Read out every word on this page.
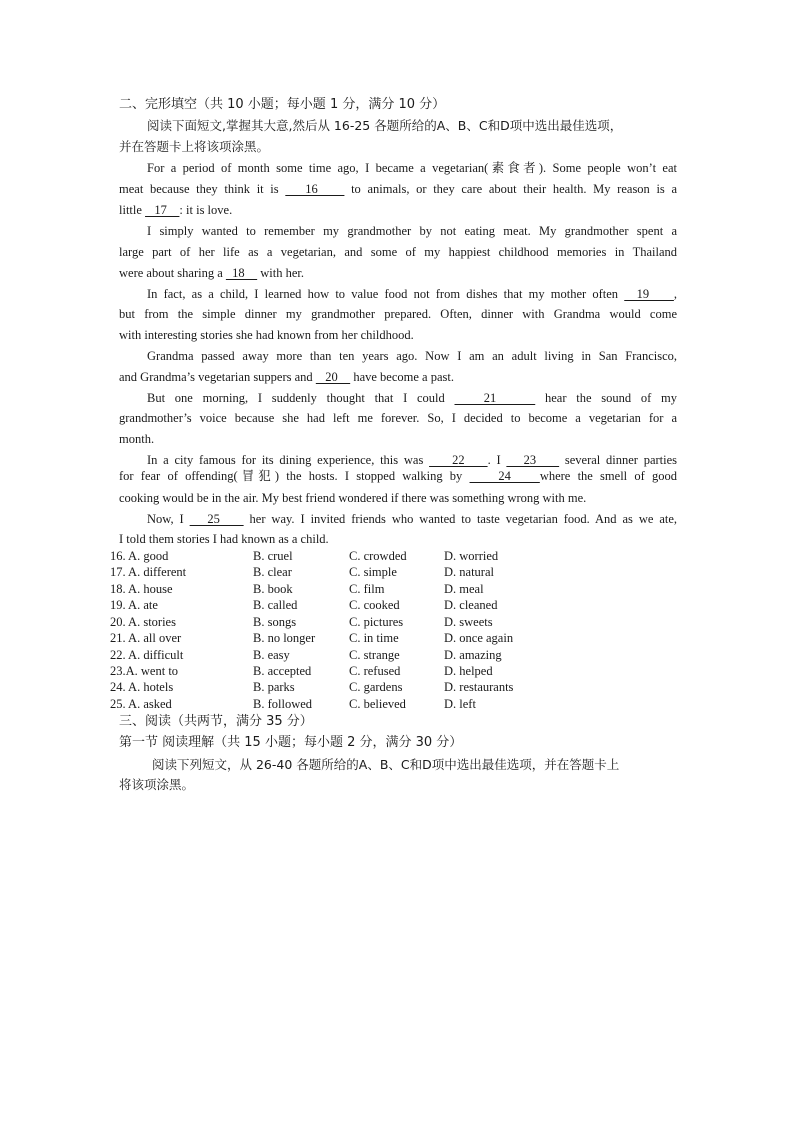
二、完形填空（共 10 小题；每小题 1 分，满分 10 分）
阅读下面短文,掌握其大意,然后从 16-25 各题所给的A、B、C和D项中选出最佳选项，
并在答题卡上将该项涂黑。
For a period of month some time ago, I became a vegetarian(素食者). Some people won’t eat
meat because they think it is    16     to animals, or they care about their health. My reason is a
little    17    : it is love.
I simply wanted to remember my grandmother by not eating meat. My grandmother spent a
large part of her life as a vegetarian, and some of my happiest childhood memories in Thailand
were about sharing a   18     with her.
In fact, as a child, I learned how to value food not from dishes that my mother often   19    ,
but from the simple dinner my grandmother prepared. Often, dinner with Grandma would come
with interesting stories she had known from her childhood.
Grandma passed away more than ten years ago. Now I am an adult living in San Francisco,
and Grandma’s vegetarian suppers and    20     have become a past.
But one morning, I suddenly thought that I could    21     hear the sound of my
grandmother’s voice because she had left me forever. So, I decided to become a vegetarian for a
month.
In a city famous for its dining experience, this was     22    . I    23     several dinner parties
for fear of offending(冒犯) the hosts. I stopped walking by     24    where the smell of good
cooking would be in the air. My best friend wondered if there was something wrong with me.
Now, I    25     her way. I invited friends who wanted to taste vegetarian food. And as we ate,
I told them stories I had known as a child.
16. A. good	B. cruel	C. crowded	D. worried
17. A. different	B. clear	C. simple	D. natural
18. A. house	B. book	C. film	D. meal
19. A. ate	B. called	C. cooked	D. cleaned
20. A. stories	B. songs	C. pictures	D. sweets
21. A. all over	B. no longer	C. in time	D. once again
22. A. difficult	B. easy	C. strange	D. amazing
23.A. went to	B. accepted	C. refused	D. helped
24. A. hotels	B. parks	C. gardens	D. restaurants
25. A. asked	B. followed	C. believed	D. left
三、阅读（共两节，满分 35 分）
第一节 阅读理解（共 15 小题；每小题 2 分，满分 30 分）
阅读下列短文，从 26-40 各题所给的A、B、C和D项中选出最佳选项，并在答题卡上
将该项涂黑。
